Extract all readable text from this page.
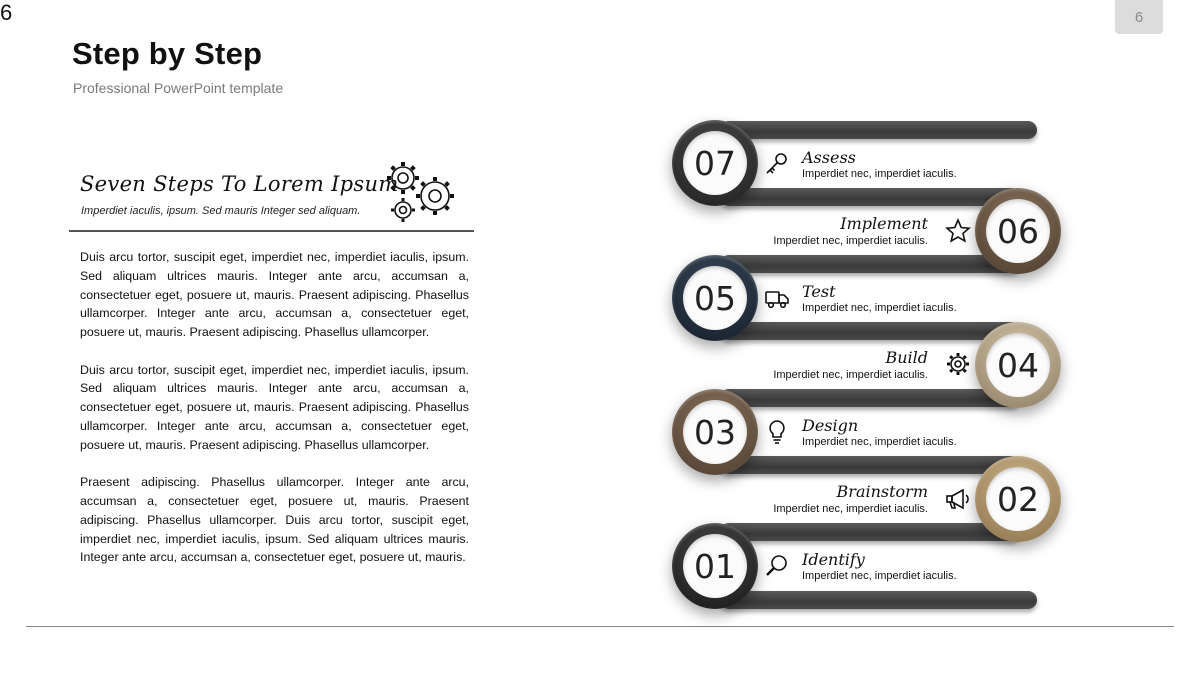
6	6
Step by Step
Professional PowerPoint template
Seven Steps To Lorem Ipsum
Imperdiet iaculis, ipsum. Sed mauris Integer sed aliquam.

Duis arcu tortor, suscipit eget, imperdiet nec, imperdiet iaculis, ipsum. Sed aliquam ultrices mauris. Integer ante arcu, accumsan a, consectetuer eget, posuere ut, mauris. Praesent adipiscing. Phasellus ullamcorper. Integer ante arcu, accumsan a, consectetuer eget, posuere ut, mauris. Praesent adipiscing. Phasellus ullamcorper.

Duis arcu tortor, suscipit eget, imperdiet nec, imperdiet iaculis, ipsum. Sed aliquam ultrices mauris. Integer ante arcu, accumsan a, consectetuer eget, posuere ut, mauris. Praesent adipiscing. Phasellus ullamcorper. Integer ante arcu, accumsan a, consectetuer eget, posuere ut, mauris. Praesent adipiscing. Phasellus ullamcorper.

Praesent adipiscing. Phasellus ullamcorper. Integer ante arcu, accumsan a, consectetuer eget, posuere ut, mauris. Praesent adipiscing. Phasellus ullamcorper. Duis arcu tortor, suscipit eget, imperdiet nec, imperdiet iaculis, ipsum. Sed aliquam ultrices mauris. Integer ante arcu, accumsan a, consectetuer eget, posuere ut, mauris.

07	Assess
Imperdiet nec, imperdiet iaculis.
06
Implement
Imperdiet nec, imperdiet iaculis.
05	Test
Imperdiet nec, imperdiet iaculis.
04
Build
Imperdiet nec, imperdiet iaculis.
03	Design
Imperdiet nec, imperdiet iaculis.
02
Brainstorm
Imperdiet nec, imperdiet iaculis.
01	Identify
Imperdiet nec, imperdiet iaculis.
